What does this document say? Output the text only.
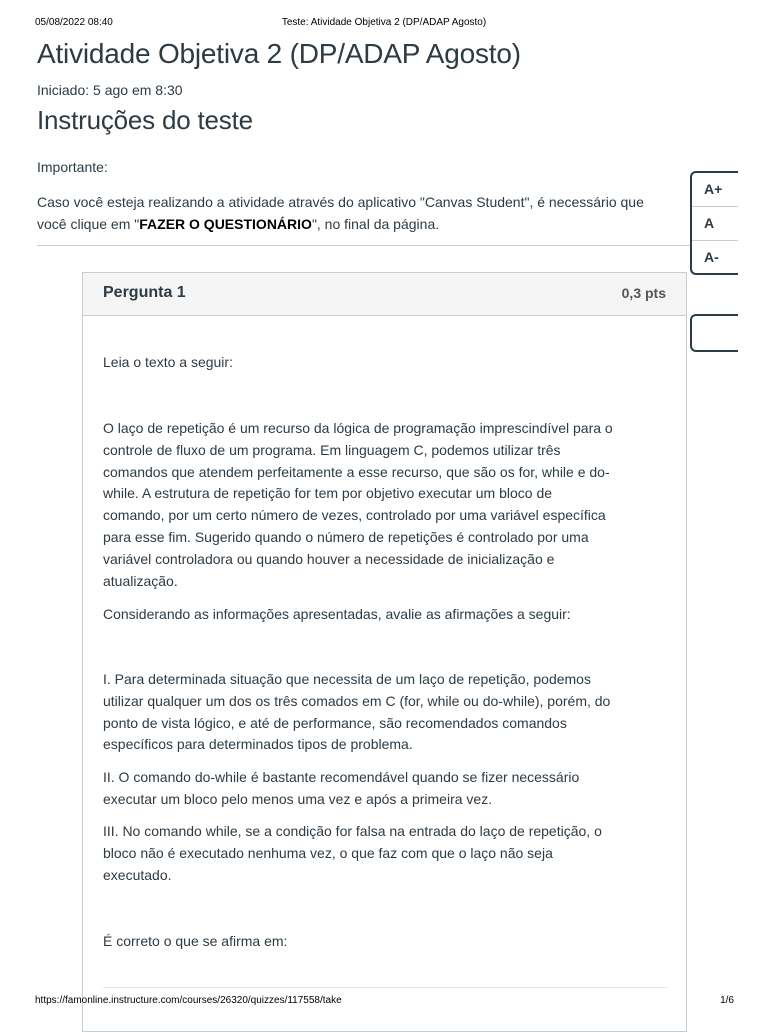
05/08/2022 08:40	Teste: Atividade Objetiva 2 (DP/ADAP Agosto)
Atividade Objetiva 2 (DP/ADAP Agosto)
Iniciado: 5 ago em 8:30
Instruções do teste
Importante:
Caso você esteja realizando a atividade através do aplicativo "Canvas Student", é necessário que
você clique em "FAZER O QUESTIONÁRIO", no final da página.
A+
A
A-
Pergunta 1	0,3 pts
Leia o texto a seguir:
O laço de repetição é um recurso da lógica de programação imprescindível para o
controle de fluxo de um programa. Em linguagem C, podemos utilizar três
comandos que atendem perfeitamente a esse recurso, que são os for, while e do-
while. A estrutura de repetição for tem por objetivo executar um bloco de
comando, por um certo número de vezes, controlado por uma variável específica
para esse fim. Sugerido quando o número de repetições é controlado por uma
variável controladora ou quando houver a necessidade de inicialização e
atualização.
Considerando as informações apresentadas, avalie as afirmações a seguir:
I. Para determinada situação que necessita de um laço de repetição, podemos
utilizar qualquer um dos os três comados em C (for, while ou do-while), porém, do
ponto de vista lógico, e até de performance, são recomendados comandos
específicos para determinados tipos de problema.
II. O comando do-while é bastante recomendável quando se fizer necessário
executar um bloco pelo menos uma vez e após a primeira vez.
III. No comando while, se a condição for falsa na entrada do laço de repetição, o
bloco não é executado nenhuma vez, o que faz com que o laço não seja
executado.
É correto o que se afirma em:
https://famonline.instructure.com/courses/26320/quizzes/117558/take	1/6
